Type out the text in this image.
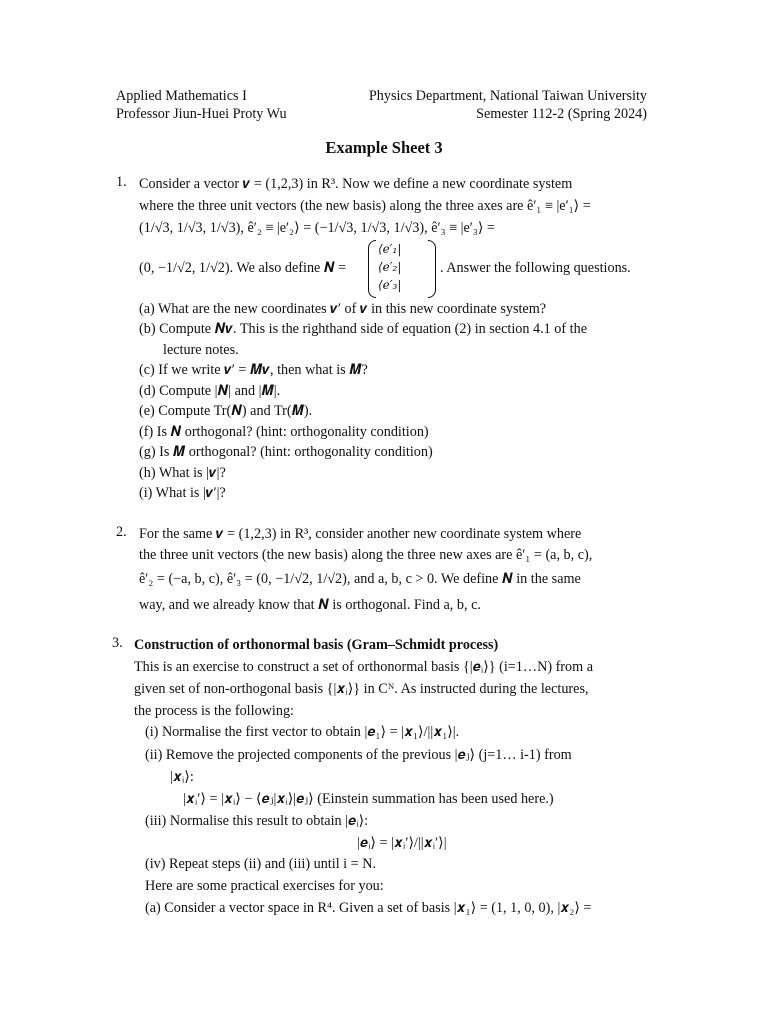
Applied Mathematics I	Physics Department, National Taiwan University
Professor Jiun-Huei Proty Wu	Semester 112-2 (Spring 2024)
Example Sheet 3
1. Consider a vector 𝒗 = (1,2,3) in R³. Now we define a new coordinate system
where the three unit vectors (the new basis) along the three axes are ê′₁ ≡ |e′₁⟩ =
(1/√3, 1/√3, 1/√3), ê′₂ ≡ |e′₂⟩ = (−1/√3, 1/√3, 1/√3), ê′₃ ≡ |e′₃⟩ =
(0, −1/√2, 1/√2). We also define 𝑵 =
⟨e′₁|
⟨e′₂|
⟨e′₃|
. Answer the following questions.
(a) What are the new coordinates 𝒗′ of 𝒗 in this new coordinate system?
(b) Compute 𝑵𝒗. This is the righthand side of equation (2) in section 4.1 of the
lecture notes.
(c) If we write 𝒗′ = 𝑴𝒗, then what is 𝑴?
(d) Compute |𝑵| and |𝑴|.
(e) Compute Tr(𝑵) and Tr(𝑴).
(f) Is 𝑵 orthogonal? (hint: orthogonality condition)
(g) Is 𝑴 orthogonal? (hint: orthogonality condition)
(h) What is |𝒗|?
(i) What is |𝒗′|?
2. For the same 𝒗 = (1,2,3) in R³, consider another new coordinate system where
the three unit vectors (the new basis) along the three new axes are ê′₁ = (a, b, c),
ê′₂ = (−a, b, c), ê′₃ = (0, −1/√2, 1/√2), and a, b, c > 0. We define 𝑵 in the same
way, and we already know that 𝑵 is orthogonal. Find a, b, c.
3. Construction of orthonormal basis (Gram–Schmidt process)
This is an exercise to construct a set of orthonormal basis {|𝒆ᵢ⟩} (i=1…N) from a
given set of non-orthogonal basis {|𝒙ᵢ⟩} in Cᴺ. As instructed during the lectures,
the process is the following:
(i) Normalise the first vector to obtain |𝒆₁⟩ = |𝒙₁⟩/||𝒙₁⟩|.
(ii) Remove the projected components of the previous |𝒆ⱼ⟩ (j=1… i-1) from
|𝒙ᵢ⟩:
|𝒙ᵢ′⟩ = |𝒙ᵢ⟩ − ⟨𝒆ⱼ|𝒙ᵢ⟩|𝒆ⱼ⟩ (Einstein summation has been used here.)
(iii) Normalise this result to obtain |𝒆ᵢ⟩:
|𝒆ᵢ⟩ = |𝒙ᵢ′⟩/||𝒙ᵢ′⟩|
(iv) Repeat steps (ii) and (iii) until i = N.
Here are some practical exercises for you:
(a) Consider a vector space in R⁴. Given a set of basis |𝒙₁⟩ = (1, 1, 0, 0), |𝒙₂⟩ =
